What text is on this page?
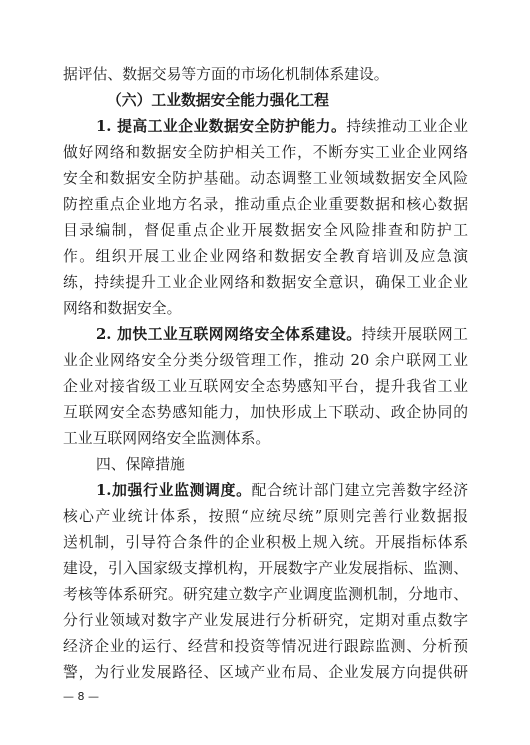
据评估、数据交易等方面的市场化机制体系建设。
（六）工业数据安全能力强化工程
1. 提高工业企业数据安全防护能力。持续推动工业企业
做好网络和数据安全防护相关工作，不断夯实工业企业网络
安全和数据安全防护基础。动态调整工业领域数据安全风险
防控重点企业地方名录，推动重点企业重要数据和核心数据
目录编制，督促重点企业开展数据安全风险排查和防护工
作。组织开展工业企业网络和数据安全教育培训及应急演
练，持续提升工业企业网络和数据安全意识，确保工业企业
网络和数据安全。
2. 加快工业互联网网络安全体系建设。持续开展联网工
业企业网络安全分类分级管理工作，推动 20 余户联网工业
企业对接省级工业互联网安全态势感知平台，提升我省工业
互联网安全态势感知能力，加快形成上下联动、政企协同的
工业互联网网络安全监测体系。
四、保障措施
1.加强行业监测调度。配合统计部门建立完善数字经济
核心产业统计体系，按照“应统尽统”原则完善行业数据报
送机制，引导符合条件的企业积极上规入统。开展指标体系
建设，引入国家级支撑机构，开展数字产业发展指标、监测、
考核等体系研究。研究建立数字产业调度监测机制，分地市、
分行业领域对数字产业发展进行分析研究，定期对重点数字
经济企业的运行、经营和投资等情况进行跟踪监测、分析预
警，为行业发展路径、区域产业布局、企业发展方向提供研
— 8 —
